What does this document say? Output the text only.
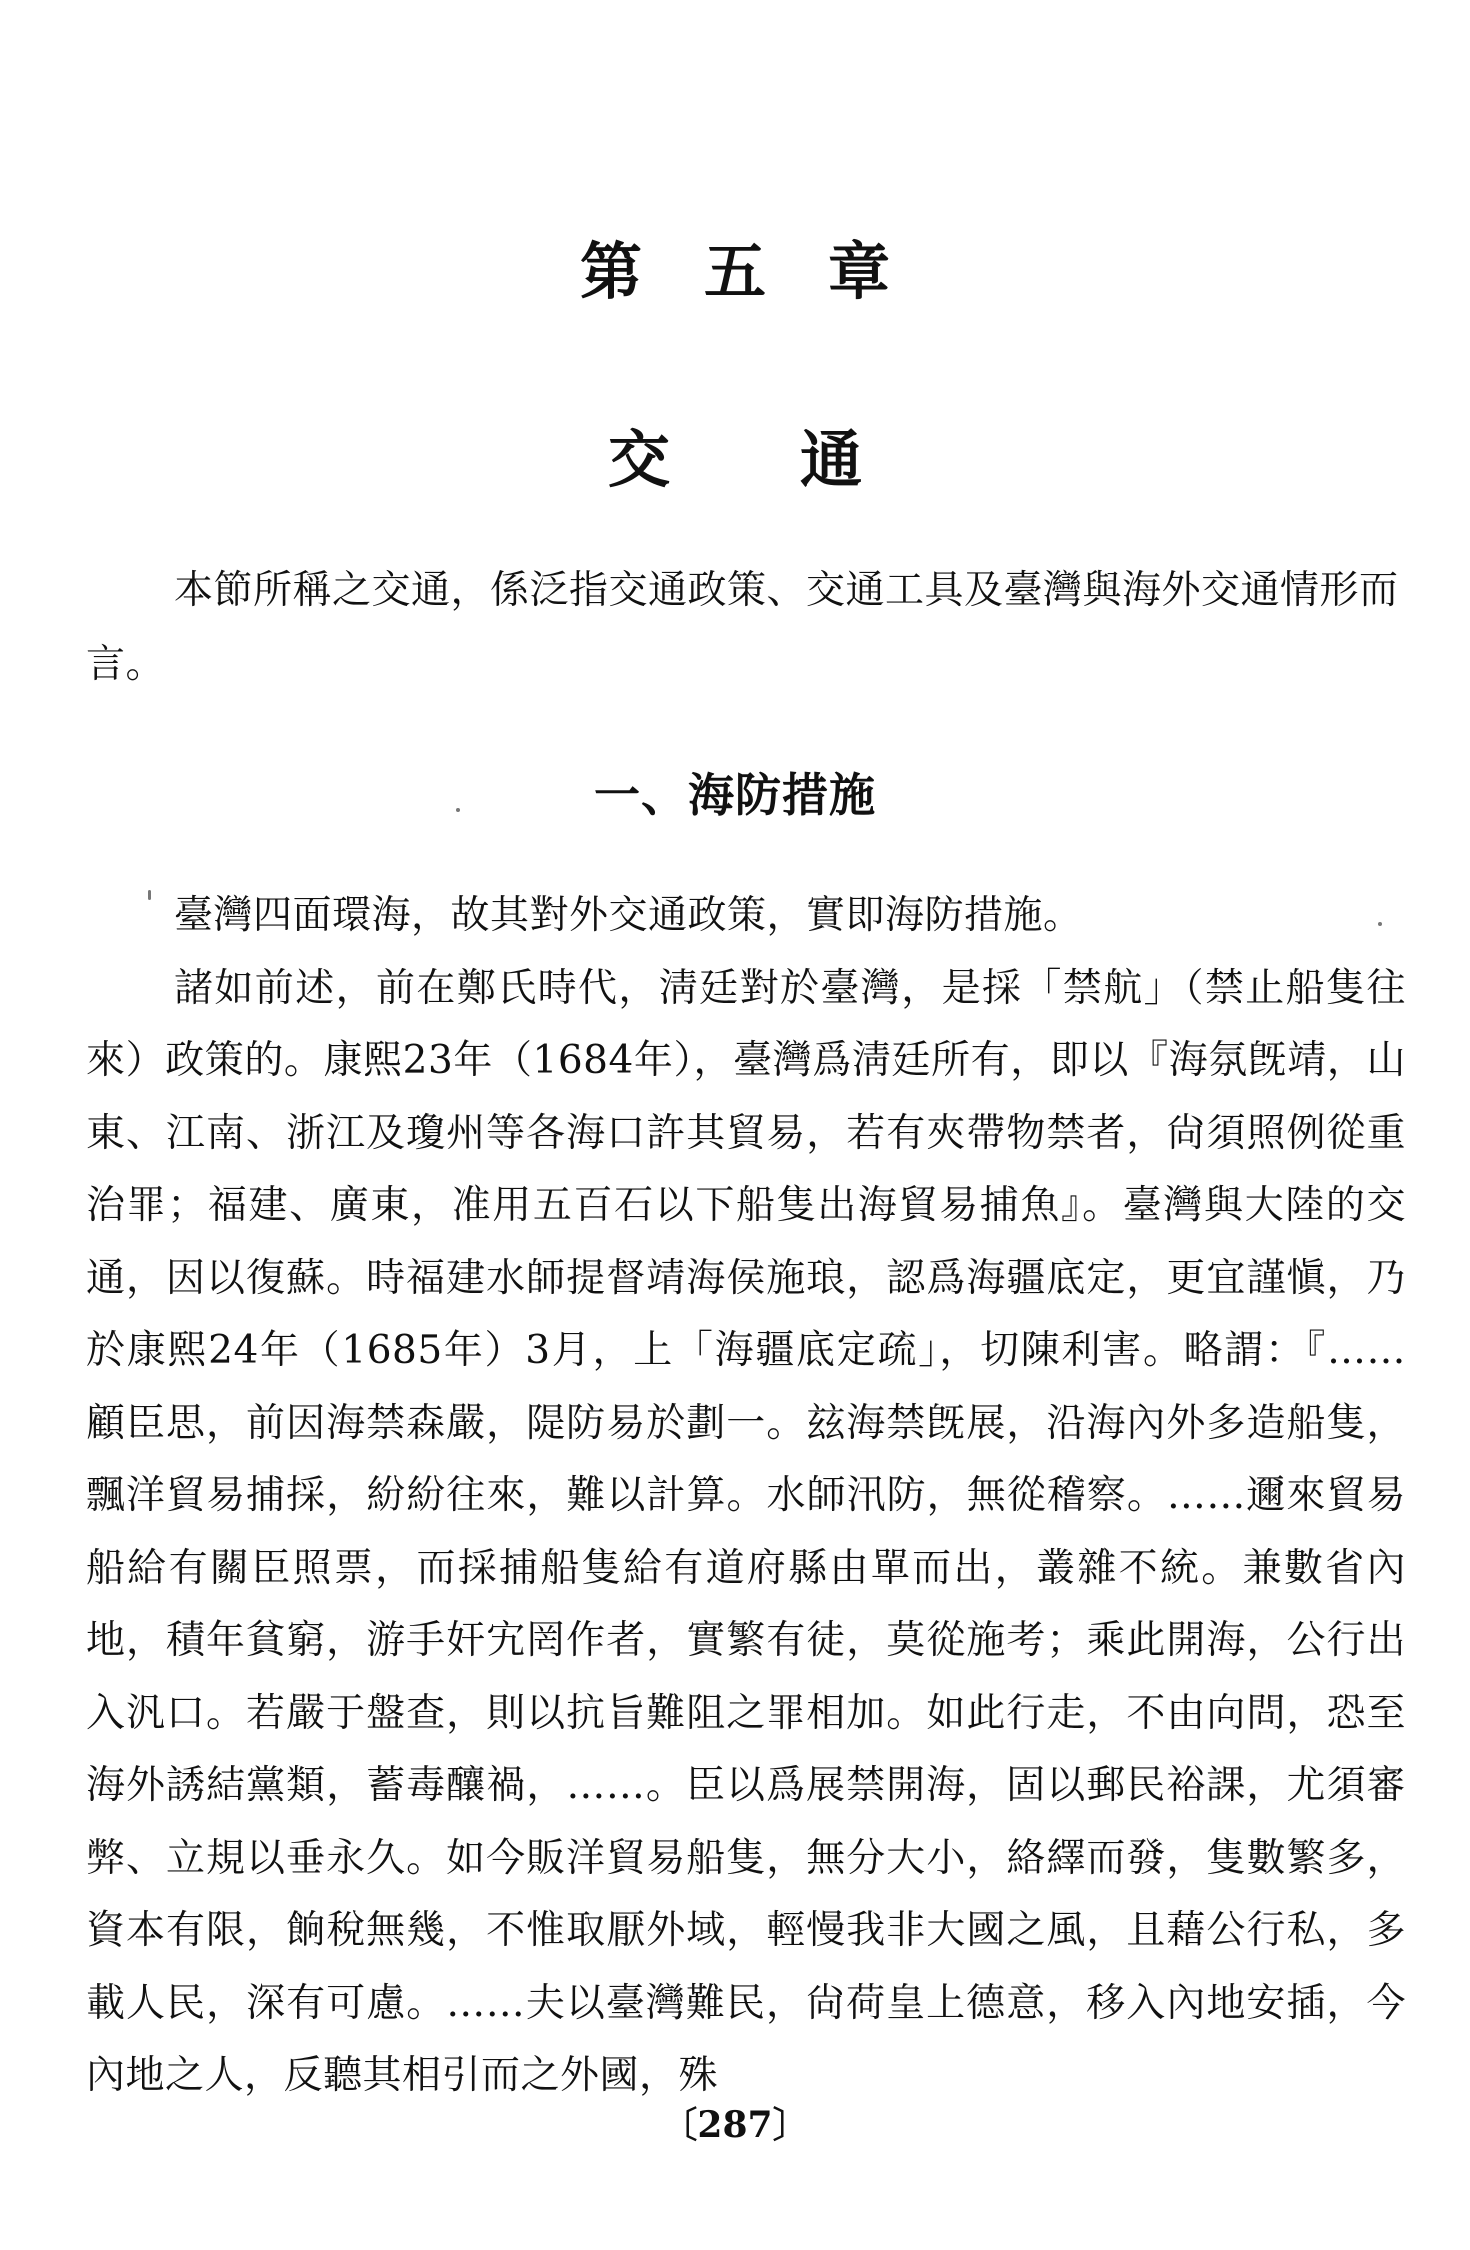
第五章
交通

本節所稱之交通，係泛指交通政策、交通工具及臺灣與海外交通情形而言。

一、海防措施

臺灣四面環海，故其對外交通政策，實即海防措施。

諸如前述，前在鄭氏時代，淸廷對於臺灣，是採「禁航」（禁止船隻往來）政策的。康熙23年（1684年），臺灣爲淸廷所有，即以『海氛旣靖，山東、江南、浙江及瓊州等各海口許其貿易，若有夾帶物禁者，尙須照例從重治罪；福建、廣東，准用五百石以下船隻出海貿易捕魚』。臺灣與大陸的交通，因以復蘇。時福建水師提督靖海侯施琅，認爲海疆底定，更宜謹愼，乃於康熙24年（1685年）3月，上「海疆底定疏」，切陳利害。略謂：『……顧臣思，前因海禁森嚴，隄防易於劃一。玆海禁旣展，沿海內外多造船隻，飄洋貿易捕採，紛紛往來，難以計算。水師汛防，無從稽察。……邇來貿易船給有關臣照票，而採捕船隻給有道府縣由單而出，叢雜不統。兼數省內地，積年貧窮，游手奸宄罔作者，實繁有徒，莫從施考；乘此開海，公行出入汎口。若嚴于盤查，則以抗旨難阻之罪相加。如此行走，不由向問，恐至海外誘結黨類，蓄毒釀禍，……。臣以爲展禁開海，固以郵民裕課，尤須審弊、立規以垂永久。如今販洋貿易船隻，無分大小，絡繹而發，隻數繁多，資本有限，餉稅無幾，不惟取厭外域，輕慢我非大國之風，且藉公行私，多載人民，深有可慮。……夫以臺灣難民，尙荷皇上德意，移入內地安插，今內地之人，反聽其相引而之外國，殊

〔287〕
